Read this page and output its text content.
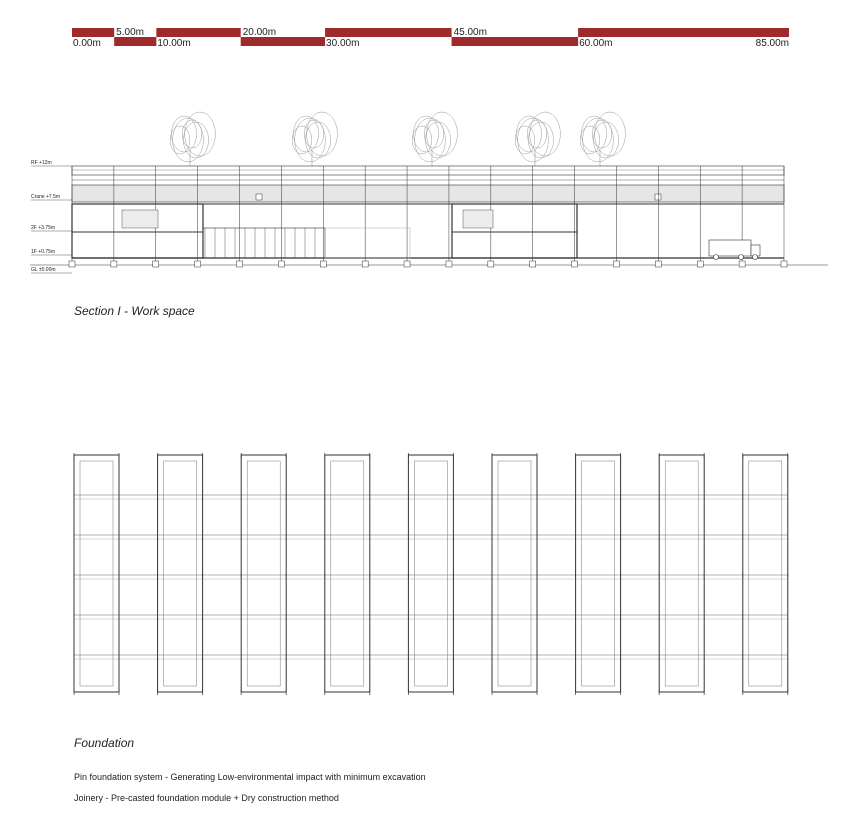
0.00m	10.00m	30.00m	60.00m	85.00m
5.00m	20.00m	45.00m
RF +12m
Crane +7.5m
2F +3.75m
1F +0.75m
GL ±0.00m
I	I
I	I
I	I
I	I
I	I
I	I
I	I
I	I
I	I
I	I
I	I
I	I
I	I
I	I
I	I
I	I
I	I
I	I
I	I
I	I
I	I
I	I
I	I
I	I
I	I
I	I
I	I
Section I - Work space
Foundation
Pin foundation system - Generating Low-environmental impact with minimum excavation
Joinery - Pre-casted foundation module + Dry construction method
